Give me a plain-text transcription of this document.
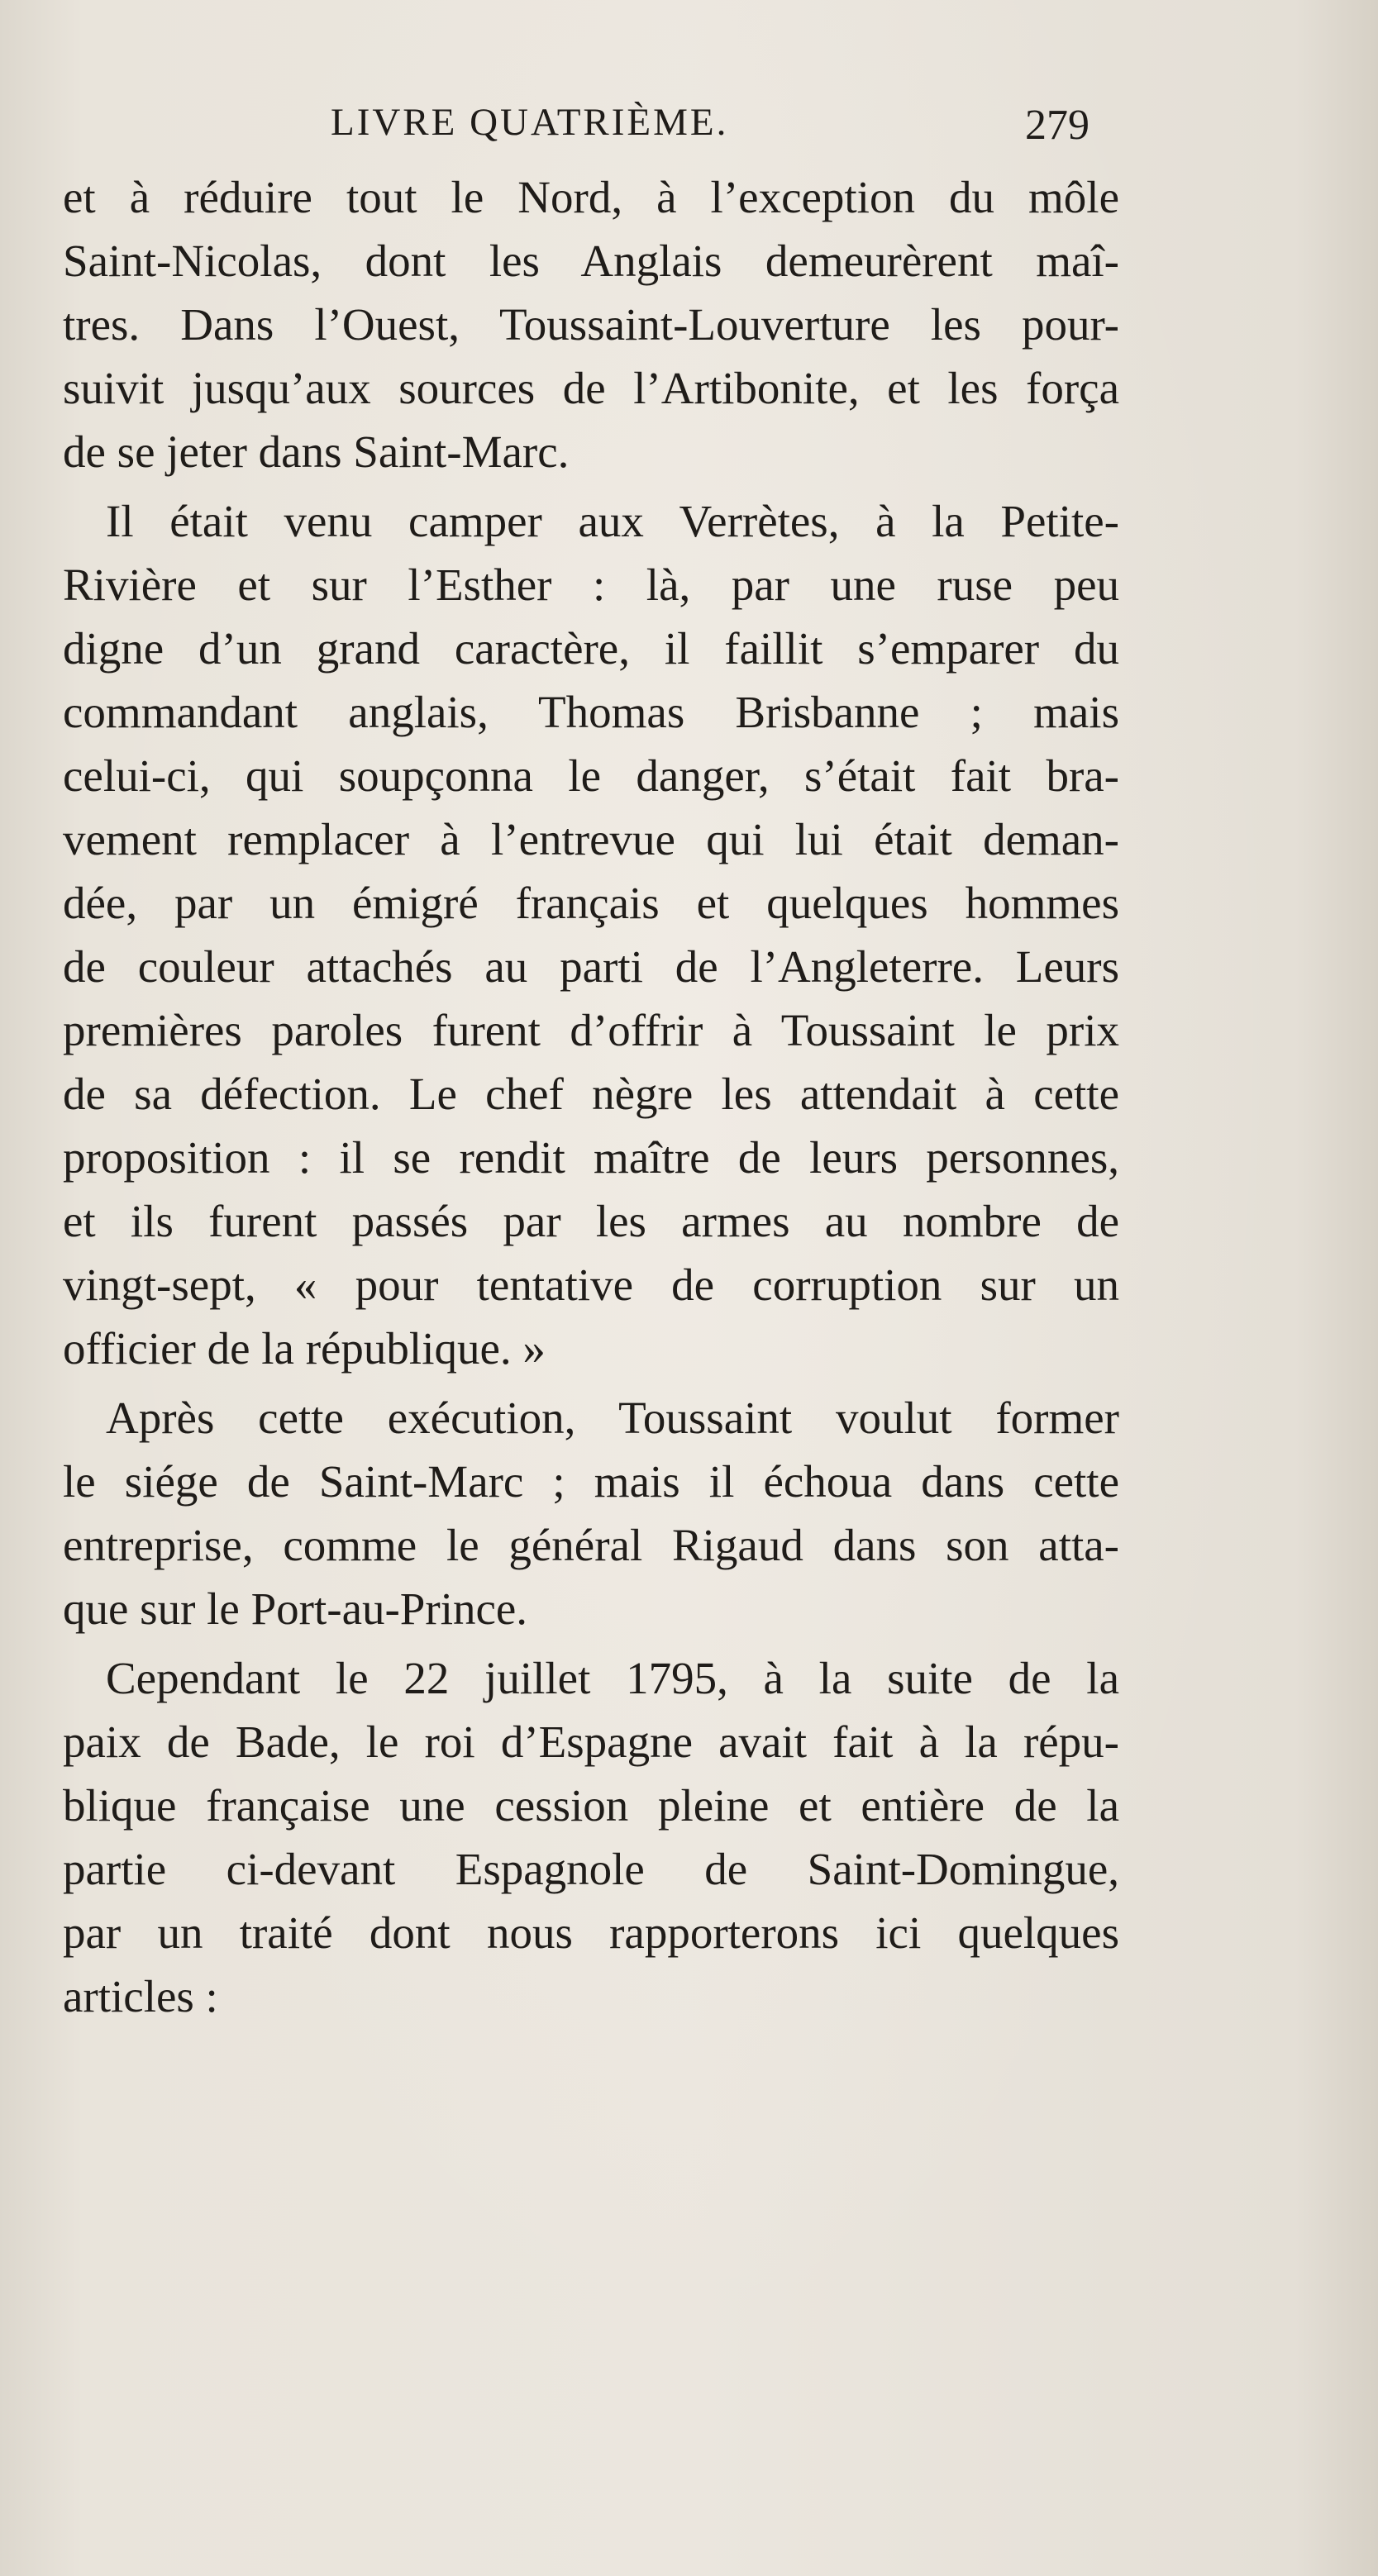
LIVRE QUATRIÈME.	279
et à réduire tout le Nord, à l’exception du môle
Saint-Nicolas, dont les Anglais demeurèrent maî-
tres. Dans l’Ouest, Toussaint-Louverture les pour-
suivit jusqu’aux sources de l’Artibonite, et les força
de se jeter dans Saint-Marc.
Il était venu camper aux Verrètes, à la Petite-
Rivière et sur l’Esther : là, par une ruse peu
digne d’un grand caractère, il faillit s’emparer du
commandant anglais, Thomas Brisbanne ; mais
celui-ci, qui soupçonna le danger, s’était fait bra-
vement remplacer à l’entrevue qui lui était deman-
dée, par un émigré français et quelques hommes
de couleur attachés au parti de l’Angleterre. Leurs
premières paroles furent d’offrir à Toussaint le prix
de sa défection. Le chef nègre les attendait à cette
proposition : il se rendit maître de leurs personnes,
et ils furent passés par les armes au nombre de
vingt-sept, « pour tentative de corruption sur un
officier de la république. »
Après cette exécution, Toussaint voulut former
le siége de Saint-Marc ; mais il échoua dans cette
entreprise, comme le général Rigaud dans son atta-
que sur le Port-au-Prince.
Cependant le 22 juillet 1795, à la suite de la
paix de Bade, le roi d’Espagne avait fait à la répu-
blique française une cession pleine et entière de la
partie ci-devant Espagnole de Saint-Domingue,
par un traité dont nous rapporterons ici quelques
articles :
